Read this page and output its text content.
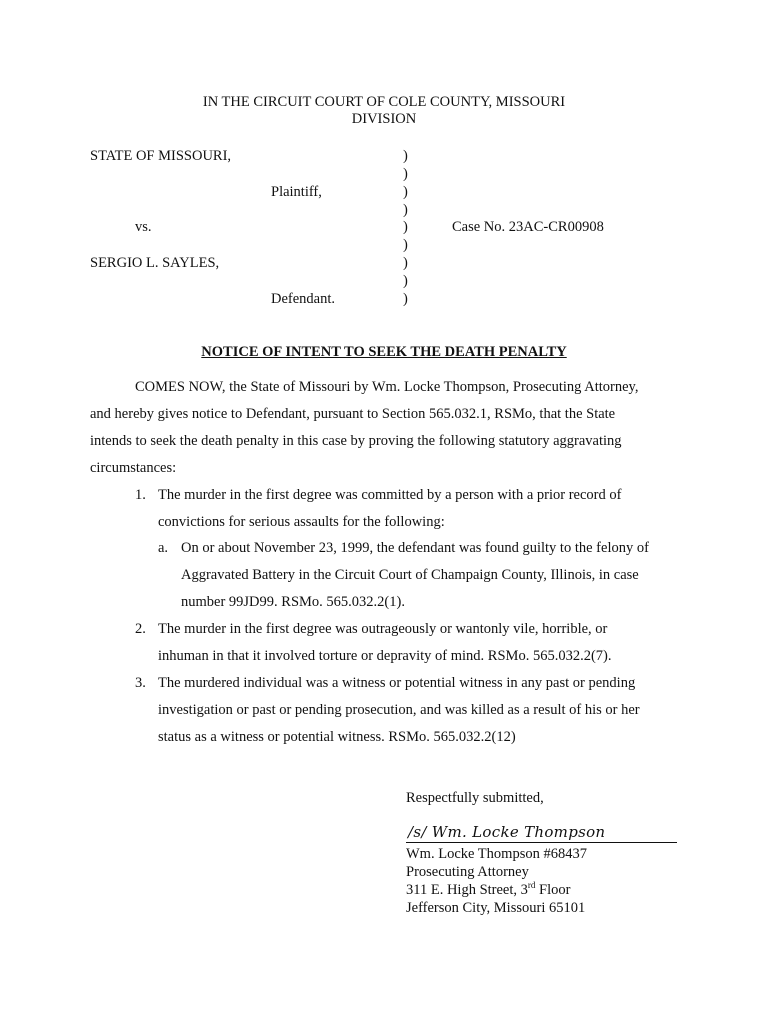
IN THE CIRCUIT COURT OF COLE COUNTY, MISSOURI
DIVISION
STATE OF MISSOURI,
Plaintiff,
vs.
SERGIO L. SAYLES,
Defendant.
Case No. 23AC-CR00908
)
)
)
)
)
)
)
)
)
NOTICE OF INTENT TO SEEK THE DEATH PENALTY
COMES NOW, the State of Missouri by Wm. Locke Thompson, Prosecuting Attorney,
and hereby gives notice to Defendant, pursuant to Section 565.032.1, RSMo, that the State
intends to seek the death penalty in this case by proving the following statutory aggravating
circumstances:
1. The murder in the first degree was committed by a person with a prior record of
convictions for serious assaults for the following:
a. On or about November 23, 1999, the defendant was found guilty to the felony of
Aggravated Battery in the Circuit Court of Champaign County, Illinois, in case
number 99JD99. RSMo. 565.032.2(1).
2. The murder in the first degree was outrageously or wantonly vile, horrible, or
inhuman in that it involved torture or depravity of mind. RSMo. 565.032.2(7).
3. The murdered individual was a witness or potential witness in any past or pending
investigation or past or pending prosecution, and was killed as a result of his or her
status as a witness or potential witness. RSMo. 565.032.2(12)
Respectfully submitted,
/s/ Wm. Locke Thompson
Wm. Locke Thompson #68437
Prosecuting Attorney
311 E. High Street, 3rd Floor
Jefferson City, Missouri 65101
